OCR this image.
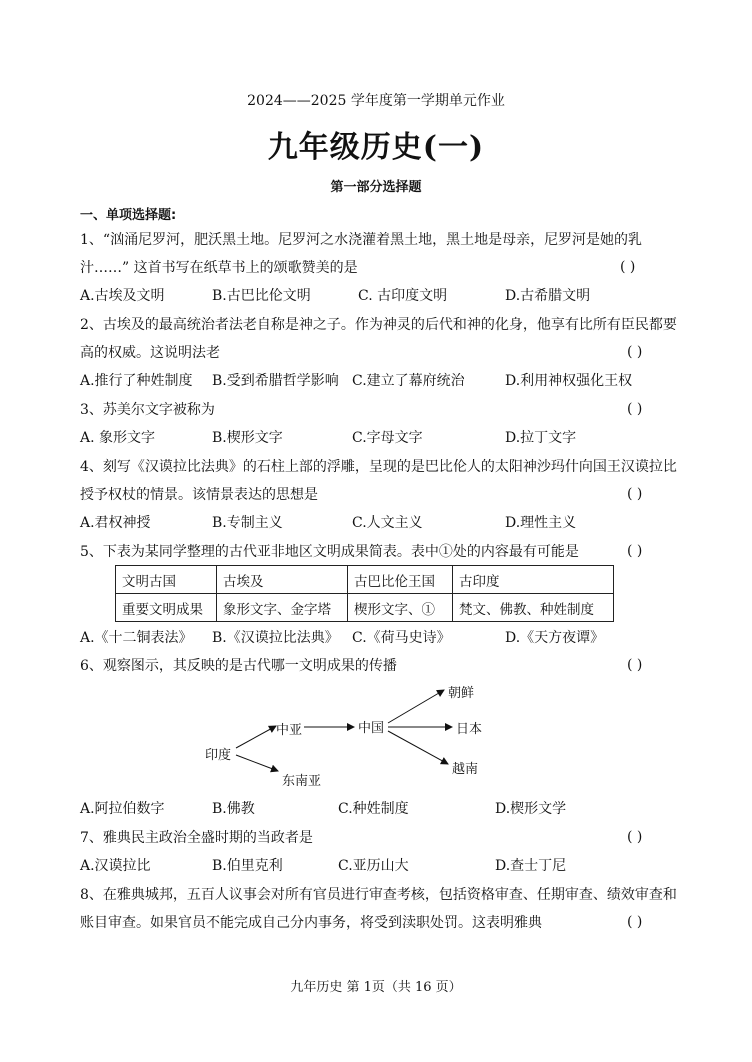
2024——2025 学年度第一学期单元作业
九年级历史(一)
第一部分选择题
一、单项选择题:
1、“汹涌尼罗河，肥沃黑土地。尼罗河之水浇灌着黑土地，黑土地是母亲，尼罗河是她的乳
汁……” 这首书写在纸草书上的颂歌赞美的是	( )
A.古埃及文明	B.古巴比伦文明	C. 古印度文明	D.古希腊文明
2、古埃及的最高统治者法老自称是神之子。作为神灵的后代和神的化身，他享有比所有臣民都要
高的权威。这说明法老	( )
A.推行了种姓制度 B.受到希腊哲学影响 C.建立了幕府统治	D.利用神权强化王权
3、苏美尔文字被称为	( )
A. 象形文字	B.楔形文字	C.字母文字	D.拉丁文字
4、刻写《汉谟拉比法典》的石柱上部的浮雕，呈现的是巴比伦人的太阳神沙玛什向国王汉谟拉比
授予权杖的情景。该情景表达的思想是	( )
A.君权神授	B.专制主义	C.人文主义	D.理性主义
5、下表为某同学整理的古代亚非地区文明成果简表。表中①处的内容最有可能是	( )
文明古国	古埃及	古巴比伦王国	古印度
重要文明成果	象形文字、金字塔	楔形文字、①	梵文、佛教、种姓制度
A.《十二铜表法》 B.《汉谟拉比法典》 C.《荷马史诗》	D.《天方夜谭》
6、观察图示，其反映的是古代哪一文明成果的传播	( )
印度
中亚
东南亚
中国
朝鲜
日本
越南
A.阿拉伯数字	B.佛教	C.种姓制度	D.楔形文学
7、雅典民主政治全盛时期的当政者是	( )
A.汉谟拉比	B.伯里克利	C.亚历山大	D.查士丁尼
8、在雅典城邦，五百人议事会对所有官员进行审查考核，包括资格审查、任期审查、绩效审查和
账目审查。如果官员不能完成自己分内事务，将受到渎职处罚。这表明雅典	( )
九年历史 第 1页（共 16 页）
